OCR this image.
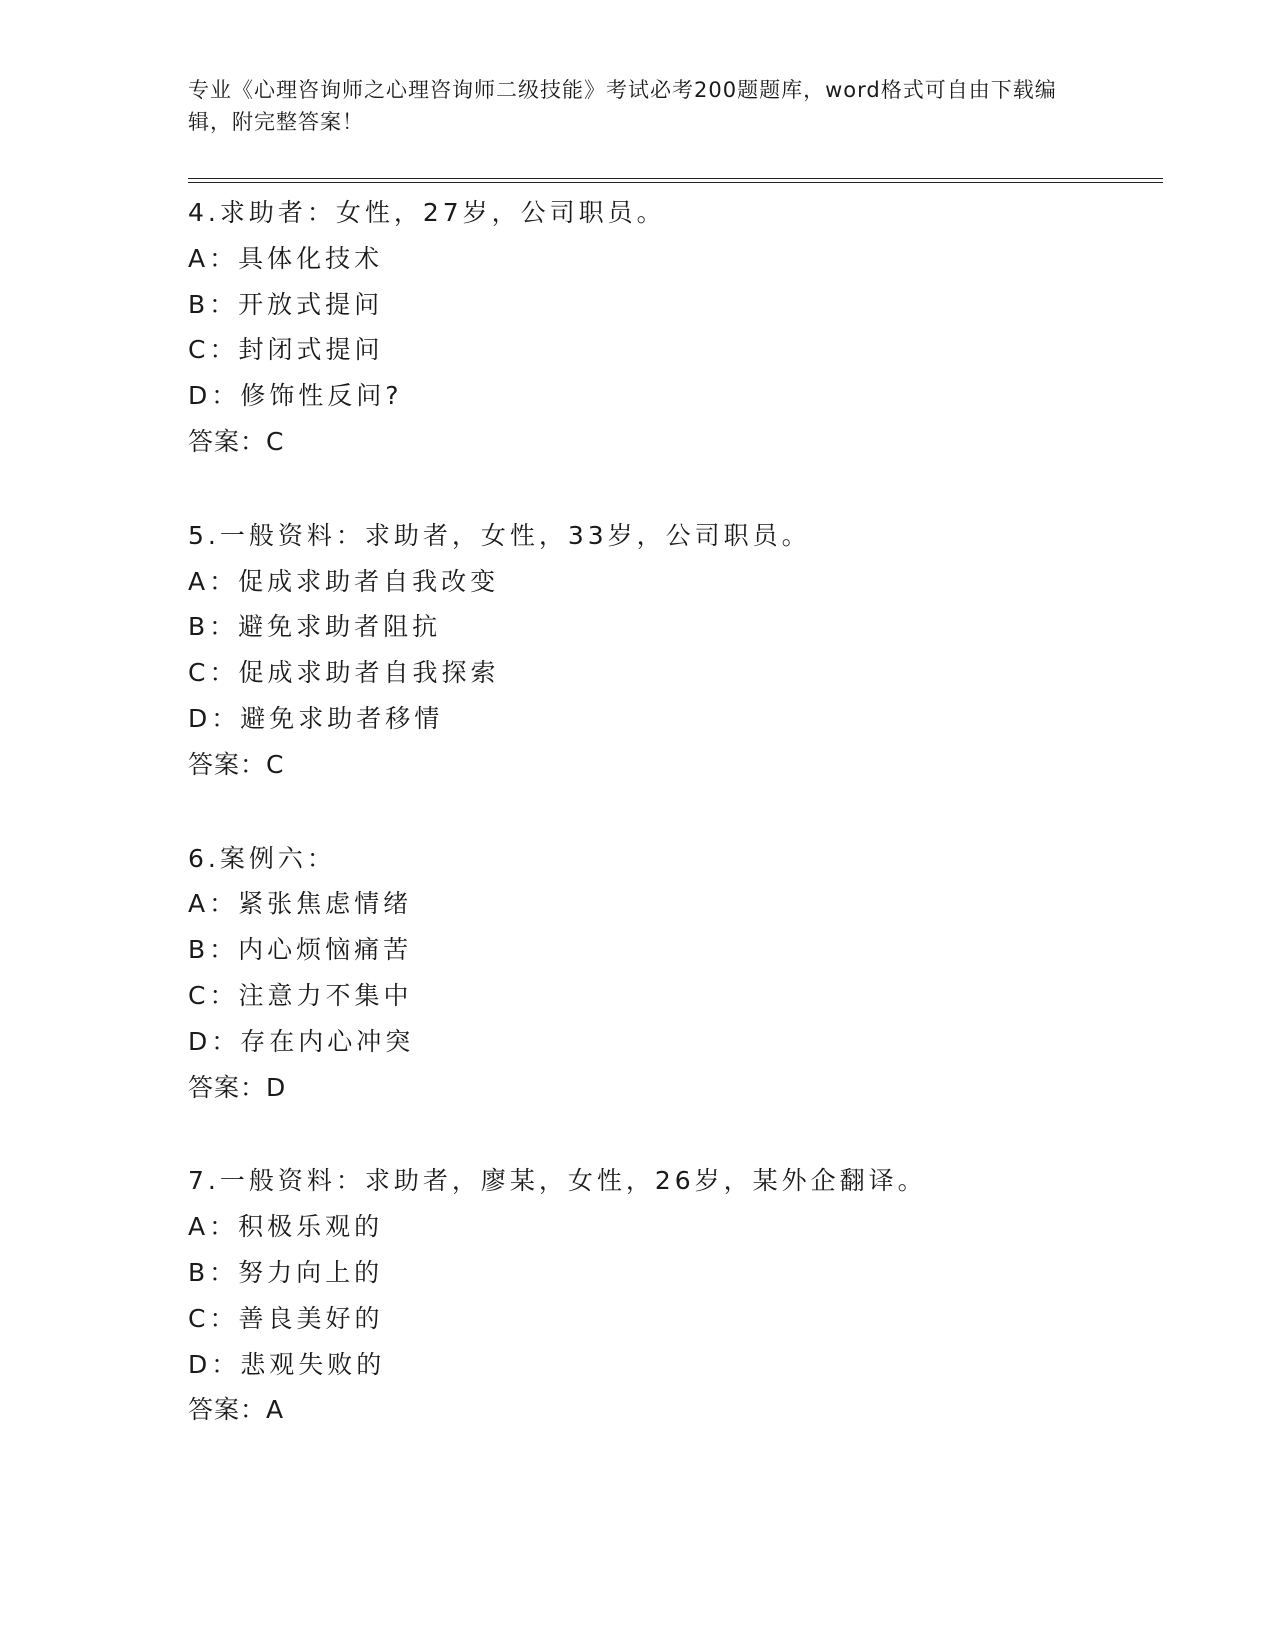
专业《心理咨询师之心理咨询师二级技能》考试必考200题题库，word格式可自由下载编辑，附完整答案！
4.求助者：女性，27岁，公司职员。
A：具体化技术
B：开放式提问
C：封闭式提问
D：修饰性反问?
答案：C
5.一般资料：求助者，女性，33岁，公司职员。
A：促成求助者自我改变
B：避免求助者阻抗
C：促成求助者自我探索
D：避免求助者移情
答案：C
6.案例六：
A：紧张焦虑情绪
B：内心烦恼痛苦
C：注意力不集中
D：存在内心冲突
答案：D
7.一般资料：求助者，廖某，女性，26岁，某外企翻译。
A：积极乐观的
B：努力向上的
C：善良美好的
D：悲观失败的
答案：A
